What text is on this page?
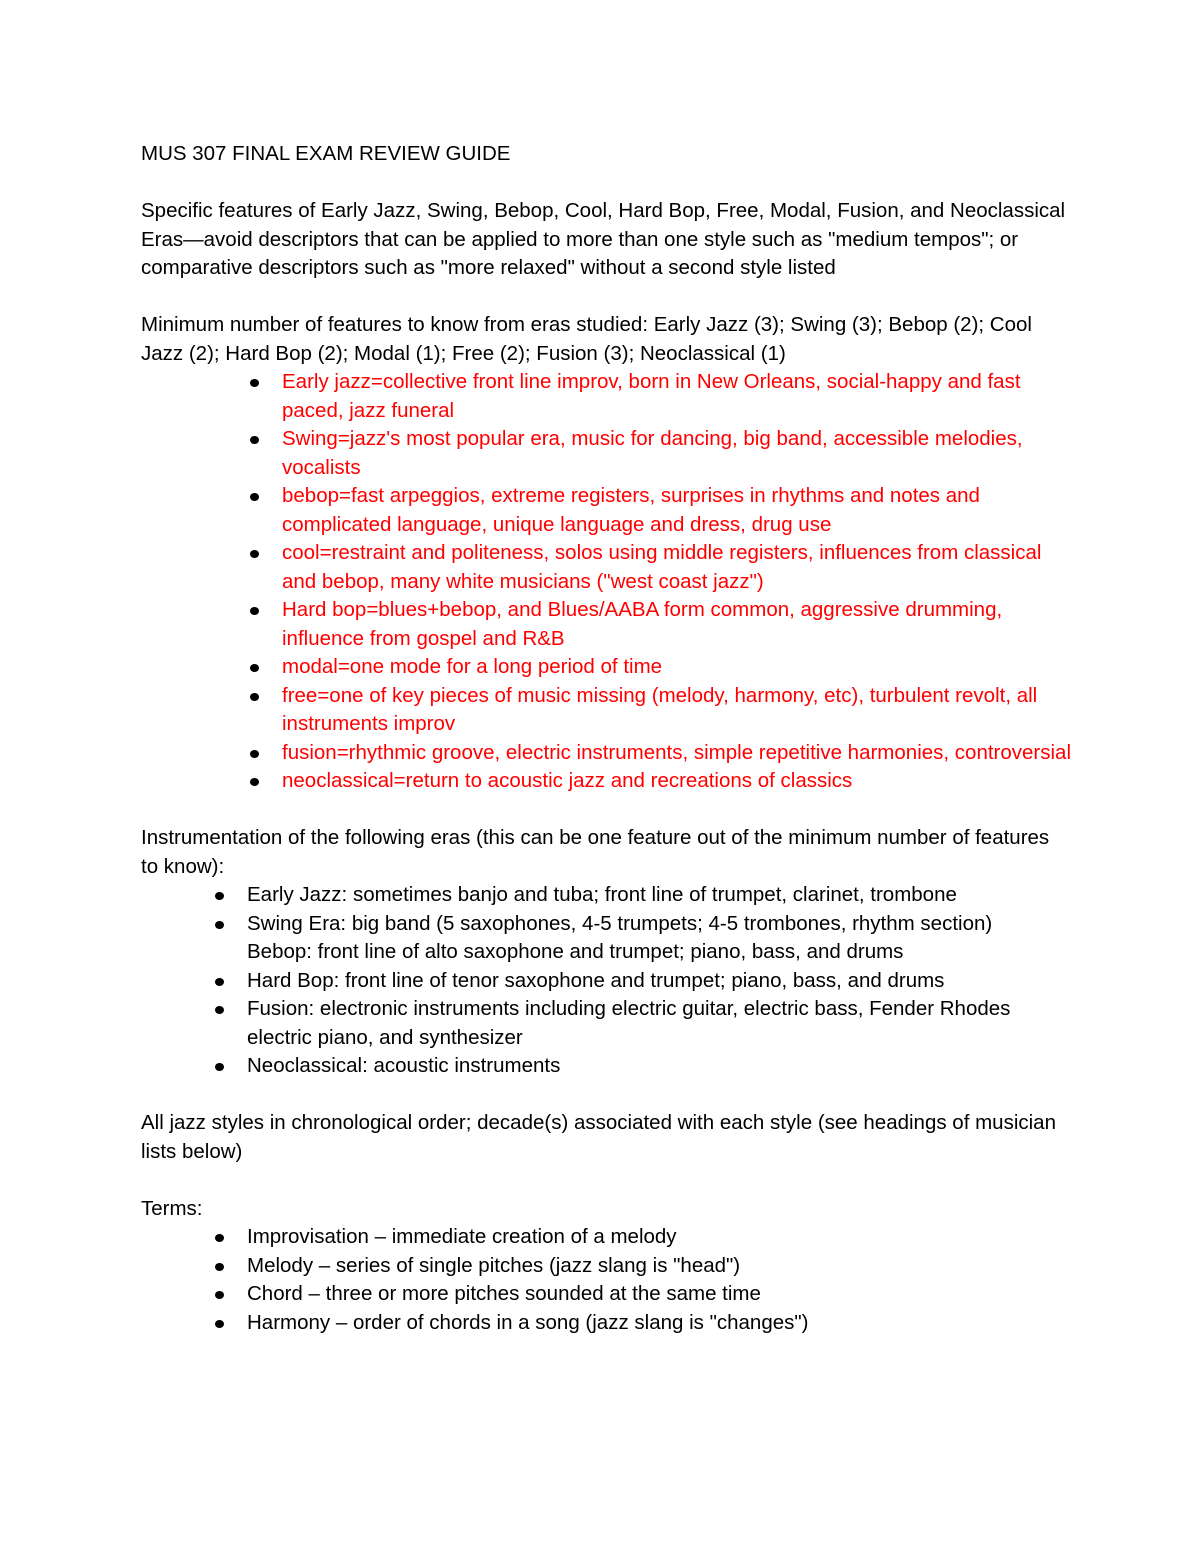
MUS 307 FINAL EXAM REVIEW GUIDE

Specific features of Early Jazz, Swing, Bebop, Cool, Hard Bop, Free, Modal, Fusion, and Neoclassical Eras—avoid descriptors that can be applied to more than one style such as "medium tempos"; or comparative descriptors such as "more relaxed" without a second style listed

Minimum number of features to know from eras studied: Early Jazz (3); Swing (3); Bebop (2); Cool Jazz (2); Hard Bop (2); Modal (1); Free (2); Fusion (3); Neoclassical (1)

Early jazz=collective front line improv, born in New Orleans, social-happy and fast paced, jazz funeral
Swing=jazz's most popular era, music for dancing, big band, accessible melodies, vocalists
bebop=fast arpeggios, extreme registers, surprises in rhythms and notes and complicated language, unique language and dress, drug use
cool=restraint and politeness, solos using middle registers, influences from classical and bebop, many white musicians ("west coast jazz")
Hard bop=blues+bebop, and Blues/AABA form common, aggressive drumming, influence from gospel and R&B
modal=one mode for a long period of time
free=one of key pieces of music missing (melody, harmony, etc), turbulent revolt, all instruments improv
fusion=rhythmic groove, electric instruments, simple repetitive harmonies, controversial
neoclassical=return to acoustic jazz and recreations of classics

Instrumentation of the following eras (this can be one feature out of the minimum number of features to know):

Early Jazz: sometimes banjo and tuba; front line of trumpet, clarinet, trombone
Swing Era: big band (5 saxophones, 4-5 trumpets; 4-5 trombones, rhythm section)
Bebop: front line of alto saxophone and trumpet; piano, bass, and drums
Hard Bop: front line of tenor saxophone and trumpet; piano, bass, and drums
Fusion: electronic instruments including electric guitar, electric bass, Fender Rhodes electric piano, and synthesizer
Neoclassical: acoustic instruments

All jazz styles in chronological order; decade(s) associated with each style (see headings of musician lists below)

Terms:

Improvisation – immediate creation of a melody
Melody – series of single pitches (jazz slang is "head")
Chord – three or more pitches sounded at the same time
Harmony – order of chords in a song (jazz slang is "changes")
